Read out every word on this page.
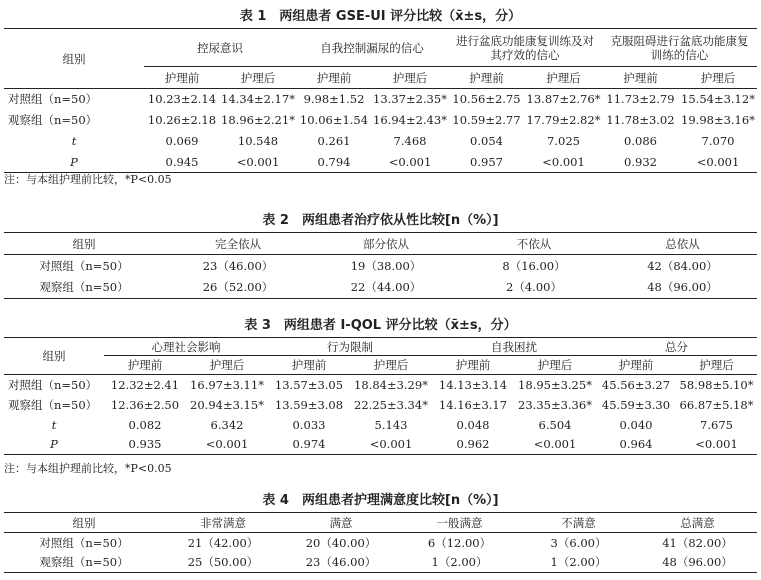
表 1　两组患者 GSE-UI 评分比较（x̄±s，分）
组别	控尿意识		自我控制漏尿的信心		进行盆底功能康复训练及对其疗效的信心		克服阻碍进行盆底功能康复训练的信心	
	护理前	护理后	护理前	护理后	护理前	护理后	护理前	护理后
对照组（n=50）	10.23±2.14	14.34±2.17*	9.98±1.52	13.37±2.35*	10.56±2.75	13.87±2.76*	11.73±2.79	15.54±3.12*
观察组（n=50）	10.26±2.18	18.96±2.21*	10.06±1.54	16.94±2.43*	10.59±2.77	17.79±2.82*	11.78±3.02	19.98±3.16*
t	0.069	10.548	0.261	7.468	0.054	7.025	0.086	7.070
P	0.945	<0.001	0.794	<0.001	0.957	<0.001	0.932	<0.001
注：与本组护理前比较，*P<0.05
表 2　两组患者治疗依从性比较[n（%）]
组别	完全依从	部分依从	不依从	总依从
对照组（n=50）	23（46.00）	19（38.00）	8（16.00）	42（84.00）
观察组（n=50）	26（52.00）	22（44.00）	2（4.00）	48（96.00）
表 3　两组患者 I-QOL 评分比较（x̄±s，分）
组别	心理社会影响		行为限制		自我困扰		总分	
	护理前	护理后	护理前	护理后	护理前	护理后	护理前	护理后
对照组（n=50）	12.32±2.41	16.97±3.11*	13.57±3.05	18.84±3.29*	14.13±3.14	18.95±3.25*	45.56±3.27	58.98±5.10*
观察组（n=50）	12.36±2.50	20.94±3.15*	13.59±3.08	22.25±3.34*	14.16±3.17	23.35±3.36*	45.59±3.30	66.87±5.18*
t	0.082	6.342	0.033	5.143	0.048	6.504	0.040	7.675
P	0.935	<0.001	0.974	<0.001	0.962	<0.001	0.964	<0.001
注：与本组护理前比较，*P<0.05
表 4　两组患者护理满意度比较[n（%）]
组别	非常满意	满意	一般满意	不满意	总满意
对照组（n=50）	21（42.00）	20（40.00）	6（12.00）	3（6.00）	41（82.00）
观察组（n=50）	25（50.00）	23（46.00）	1（2.00）	1（2.00）	48（96.00）
